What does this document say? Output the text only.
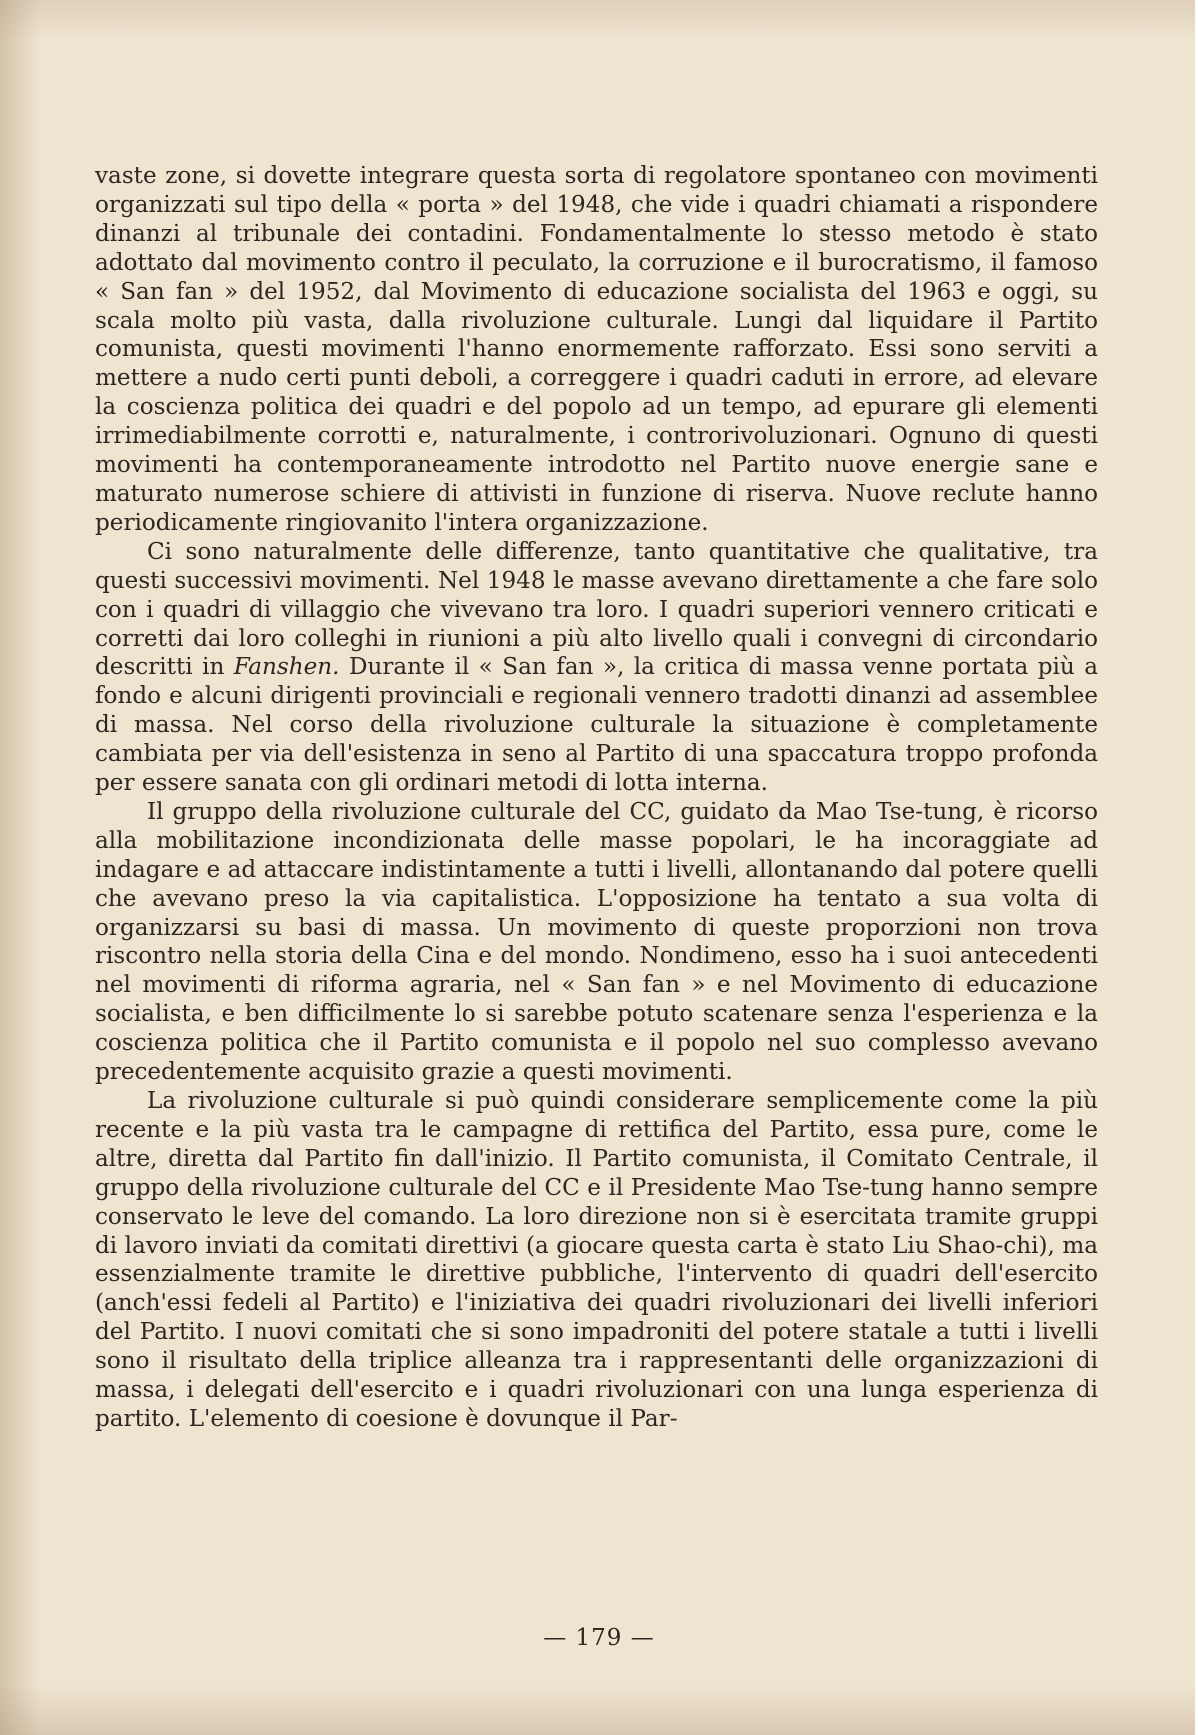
vaste zone, si dovette integrare questa sorta di regolatore spontaneo con movimenti organizzati sul tipo della « porta » del 1948, che vide i quadri chiamati a rispondere dinanzi al tribunale dei contadini. Fondamentalmente lo stesso metodo è stato adottato dal movimento contro il peculato, la corruzione e il burocratismo, il famoso « San fan » del 1952, dal Movimento di educazione socialista del 1963 e oggi, su scala molto più vasta, dalla rivoluzione culturale. Lungi dal liquidare il Partito comunista, questi movimenti l'hanno enormemente rafforzato. Essi sono serviti a mettere a nudo certi punti deboli, a correggere i quadri caduti in errore, ad elevare la coscienza politica dei quadri e del popolo ad un tempo, ad epurare gli elementi irrimediabilmente corrotti e, naturalmente, i controrivoluzionari. Ognuno di questi movimenti ha contemporaneamente introdotto nel Partito nuove energie sane e maturato numerose schiere di attivisti in funzione di riserva. Nuove reclute hanno periodicamente ringiovanito l'intera organizzazione.

Ci sono naturalmente delle differenze, tanto quantitative che qualitative, tra questi successivi movimenti. Nel 1948 le masse avevano direttamente a che fare solo con i quadri di villaggio che vivevano tra loro. I quadri superiori vennero criticati e corretti dai loro colleghi in riunioni a più alto livello quali i convegni di circondario descritti in Fanshen. Durante il « San fan », la critica di massa venne portata più a fondo e alcuni dirigenti provinciali e regionali vennero tradotti dinanzi ad assemblee di massa. Nel corso della rivoluzione culturale la situazione è completamente cambiata per via dell'esistenza in seno al Partito di una spaccatura troppo profonda per essere sanata con gli ordinari metodi di lotta interna.

Il gruppo della rivoluzione culturale del CC, guidato da Mao Tse-tung, è ricorso alla mobilitazione incondizionata delle masse popolari, le ha incoraggiate ad indagare e ad attaccare indistintamente a tutti i livelli, allontanando dal potere quelli che avevano preso la via capitalistica. L'opposizione ha tentato a sua volta di organizzarsi su basi di massa. Un movimento di queste proporzioni non trova riscontro nella storia della Cina e del mondo. Nondimeno, esso ha i suoi antecedenti nel movimenti di riforma agraria, nel « San fan » e nel Movimento di educazione socialista, e ben difficilmente lo si sarebbe potuto scatenare senza l'esperienza e la coscienza politica che il Partito comunista e il popolo nel suo complesso avevano precedentemente acquisito grazie a questi movimenti.

La rivoluzione culturale si può quindi considerare semplicemente come la più recente e la più vasta tra le campagne di rettifica del Partito, essa pure, come le altre, diretta dal Partito fin dall'inizio. Il Partito comunista, il Comitato Centrale, il gruppo della rivoluzione culturale del CC e il Presidente Mao Tse-tung hanno sempre conservato le leve del comando. La loro direzione non si è esercitata tramite gruppi di lavoro inviati da comitati direttivi (a giocare questa carta è stato Liu Shao-chi), ma essenzialmente tramite le direttive pubbliche, l'intervento di quadri dell'esercito (anch'essi fedeli al Partito) e l'iniziativa dei quadri rivoluzionari dei livelli inferiori del Partito. I nuovi comitati che si sono impadroniti del potere statale a tutti i livelli sono il risultato della triplice alleanza tra i rappresentanti delle organizzazioni di massa, i delegati dell'esercito e i quadri rivoluzionari con una lunga esperienza di partito. L'elemento di coesione è dovunque il Par-

— 179 —
